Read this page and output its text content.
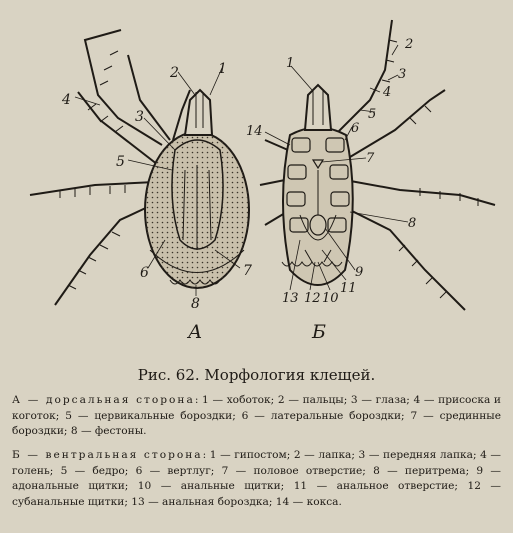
1
2
3
4
5
6	7
8
А
1
2
3
4
5
6
7
8
9
10
11
12
13
14
Б
Рис. 62. Морфология клещей.
А — дорсальная сторона: 1 — хоботок; 2 — пальцы; 3 — глаза; 4 — присоска и коготок; 5 — цервикальные бороздки; 6 — латеральные бороздки; 7 — срединные бороздки; 8 — фестоны.
Б — вентральная сторона: 1 — гипостом; 2 — лапка; 3 — передняя лапка; 4 — голень; 5 — бедро; 6 — вертлуг; 7 — половое отверстие; 8 — перитрема; 9 — адональные щитки; 10 — анальные щитки; 11 — анальное отверстие; 12 — субанальные щитки; 13 — анальная бороздка; 14 — кокса.
